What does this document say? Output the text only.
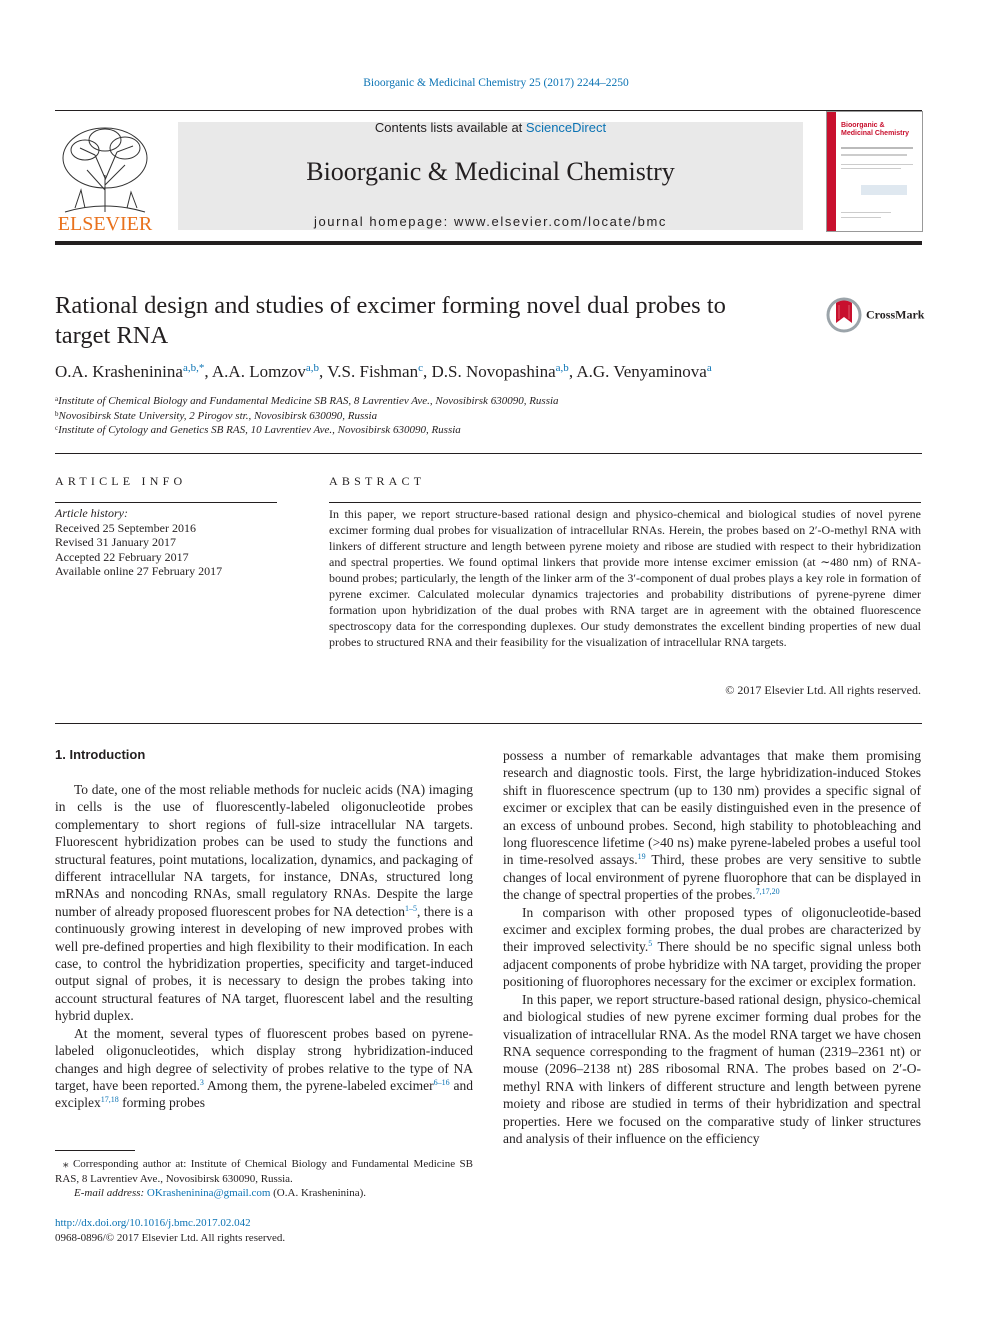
Bioorganic & Medicinal Chemistry 25 (2017) 2244–2250
ELSEVIER
Contents lists available at ScienceDirect
Bioorganic & Medicinal Chemistry
journal homepage: www.elsevier.com/locate/bmc
Bioorganic & Medicinal Chemistry
Rational design and studies of excimer forming novel dual probes to target RNA
CrossMark
O.A. Krasheninina$^{a,b,*}$, A.A. Lomzov$^{a,b}$, V.S. Fishman$^c$, D.S. Novopashina$^{a,b}$, A.G. Venyaminova$^a$
$^a$Institute of Chemical Biology and Fundamental Medicine SB RAS, 8 Lavrentiev Ave., Novosibirsk 630090, Russia
$^b$Novosibirsk State University, 2 Pirogov str., Novosibirsk 630090, Russia
$^c$Institute of Cytology and Genetics SB RAS, 10 Lavrentiev Ave., Novosibirsk 630090, Russia
ARTICLE INFO
Article history:
Received 25 September 2016
Revised 31 January 2017
Accepted 22 February 2017
Available online 27 February 2017
ABSTRACT
In this paper, we report structure-based rational design and physico-chemical and biological studies of novel pyrene excimer forming dual probes for visualization of intracellular RNAs. Herein, the probes based on 2′-O-methyl RNA with linkers of different structure and length between pyrene moiety and ribose are studied with respect to their hybridization and spectral properties. We found optimal linkers that provide more intense excimer emission (at ∼480 nm) of RNA-bound probes; particularly, the length of the linker arm of the 3′-component of dual probes plays a key role in formation of pyrene excimer. Calculated molecular dynamics trajectories and probability distributions of pyrene-pyrene dimer formation upon hybridization of the dual probes with RNA target are in agreement with the obtained fluorescence spectroscopy data for the corresponding duplexes. Our study demonstrates the excellent binding properties of new dual probes to structured RNA and their feasibility for the visualization of intracellular RNA targets.
© 2017 Elsevier Ltd. All rights reserved.
1. Introduction

To date, one of the most reliable methods for nucleic acids (NA) imaging in cells is the use of fluorescently-labeled oligonucleotide probes complementary to short regions of full-size intracellular NA targets. Fluorescent hybridization probes can be used to study the functions and structural features, point mutations, localization, dynamics, and packaging of different intracellular NA targets, for instance, DNAs, structured long mRNAs and noncoding RNAs, small regulatory RNAs. Despite the large number of already proposed fluorescent probes for NA detection$^{1-5}$, there is a continuously growing interest in developing of new improved probes with well pre-defined properties and high flexibility to their modification. In each case, to control the hybridization properties, specificity and target-induced output signal of probes, it is necessary to design the probes taking into account structural features of NA target, fluorescent label and the resulting hybrid duplex.

At the moment, several types of fluorescent probes based on pyrene-labeled oligonucleotides, which display strong hybridization-induced changes and high degree of selectivity of probes relative to the type of NA target, have been reported.$^3$ Among them, the pyrene-labeled excimer$^{6-16}$ and exciplex$^{17,18}$ forming probes

possess a number of remarkable advantages that make them promising research and diagnostic tools. First, the large hybridization-induced Stokes shift in fluorescence spectrum (up to 130 nm) provides a specific signal of excimer or exciplex that can be easily distinguished even in the presence of an excess of unbound probes. Second, high stability to photobleaching and long fluorescence lifetime (>40 ns) make pyrene-labeled probes a useful tool in time-resolved assays.$^{19}$ Third, these probes are very sensitive to subtle changes of local environment of pyrene fluorophore that can be displayed in the change of spectral properties of the probes.$^{7,17,20}$

In comparison with other proposed types of oligonucleotide-based excimer and exciplex forming probes, the dual probes are characterized by their improved selectivity.$^5$ There should be no specific signal unless both adjacent components of probe hybridize with NA target, providing the proper positioning of fluorophores necessary for the excimer or exciplex formation.

In this paper, we report structure-based rational design, physico-chemical and biological studies of new pyrene excimer forming dual probes for the visualization of intracellular RNA. As the model RNA target we have chosen RNA sequence corresponding to the fragment of human (2319–2361 nt) or mouse (2096–2138 nt) 28S ribosomal RNA. The probes based on 2′-O-methyl RNA with linkers of different structure and length between pyrene moiety and ribose are studied in terms of their hybridization and spectral properties. Here we focused on the comparative study of linker structures and analysis of their influence on the efficiency

⁎ Corresponding author at: Institute of Chemical Biology and Fundamental Medicine SB RAS, 8 Lavrentiev Ave., Novosibirsk 630090, Russia.
E-mail address: OKrasheninina@gmail.com (O.A. Krasheninina).
http://dx.doi.org/10.1016/j.bmc.2017.02.042
0968-0896/© 2017 Elsevier Ltd. All rights reserved.
